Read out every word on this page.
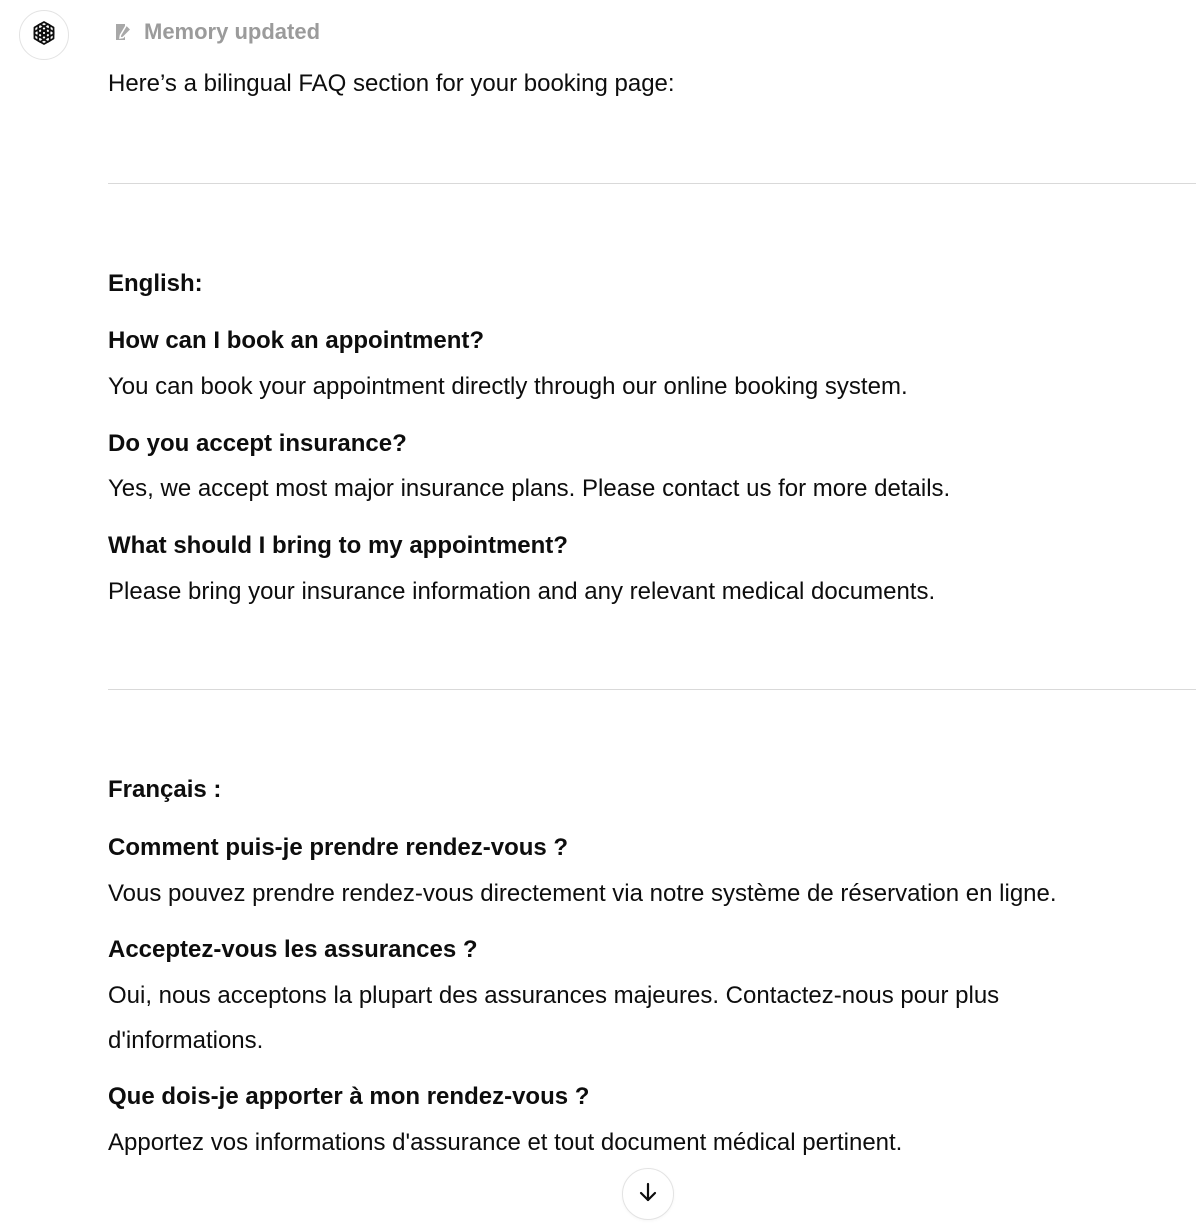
Memory updated
Here’s a bilingual FAQ section for your booking page:
English:
How can I book an appointment?
You can book your appointment directly through our online booking system.
Do you accept insurance?
Yes, we accept most major insurance plans. Please contact us for more details.
What should I bring to my appointment?
Please bring your insurance information and any relevant medical documents.
Français :
Comment puis-je prendre rendez-vous ?
Vous pouvez prendre rendez-vous directement via notre système de réservation en ligne.
Acceptez-vous les assurances ?
Oui, nous acceptons la plupart des assurances majeures. Contactez-nous pour plus d'informations.
Que dois-je apporter à mon rendez-vous ?
Apportez vos informations d'assurance et tout document médical pertinent.
